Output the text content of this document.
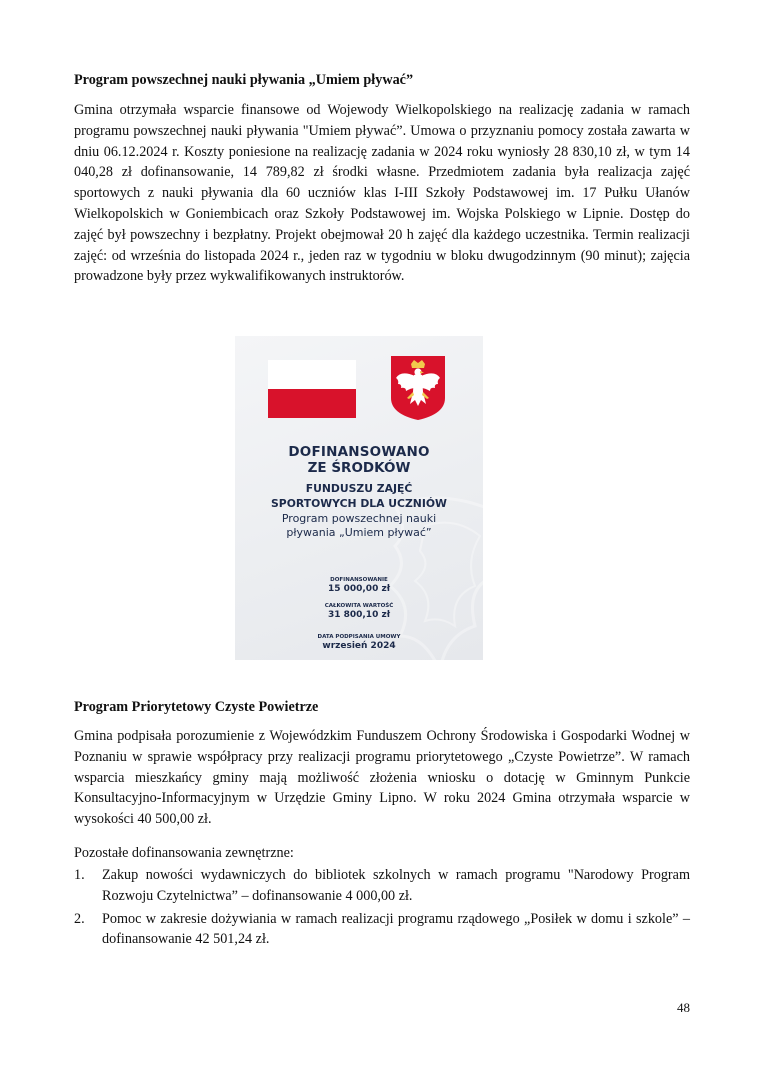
Program powszechnej nauki pływania „Umiem pływać”

Gmina otrzymała wsparcie finansowe od Wojewody Wielkopolskiego na realizację zadania w ramach programu powszechnej nauki pływania "Umiem pływać”. Umowa o przyznaniu pomocy została zawarta w dniu 06.12.2024 r. Koszty poniesione na realizację zadania w 2024 roku wyniosły 28 830,10 zł, w tym 14 040,28 zł dofinansowanie, 14 789,82 zł środki własne. Przedmiotem zadania była realizacja zajęć sportowych z nauki pływania dla 60 uczniów klas I-III Szkoły Podstawowej im. 17 Pułku Ułanów Wielkopolskich w Goniembicach oraz Szkoły Podstawowej im. Wojska Polskiego w Lipnie. Dostęp do zajęć był powszechny i bezpłatny. Projekt obejmował 20 h zajęć dla każdego uczestnika. Termin realizacji zajęć: od września do listopada 2024 r., jeden raz w tygodniu w bloku dwugodzinnym (90 minut); zajęcia prowadzone były przez wykwalifikowanych instruktorów.

Program Priorytetowy Czyste Powietrze

Gmina podpisała porozumienie z Wojewódzkim Funduszem Ochrony Środowiska i Gospodarki Wodnej w Poznaniu w sprawie współpracy przy realizacji programu priorytetowego „Czyste Powietrze”. W ramach wsparcia mieszkańcy gminy mają możliwość złożenia wniosku o dotację w Gminnym Punkcie Konsultacyjno-Informacyjnym w Urzędzie Gminy Lipno. W roku 2024 Gmina otrzymała wsparcie w wysokości 40 500,00 zł.

Pozostałe dofinansowania zewnętrzne:

1. Zakup nowości wydawniczych do bibliotek szkolnych w ramach programu "Narodowy Program Rozwoju Czytelnictwa” – dofinansowanie 4 000,00 zł.
2. Pomoc w zakresie dożywiania w ramach realizacji programu rządowego „Posiłek w domu i szkole” – dofinansowanie 42 501,24 zł.
DOFINANSOWANO
ZE ŚRODKÓW
FUNDUSZU ZAJĘĆ
SPORTOWYCH DLA UCZNIÓW
Program powszechnej nauki
pływania „Umiem pływać”
DOFINANSOWANIE
15 000,00 zł
CAŁKOWITA WARTOŚĆ
31 800,10 zł
DATA PODPISANIA UMOWY
wrzesień 2024
48
